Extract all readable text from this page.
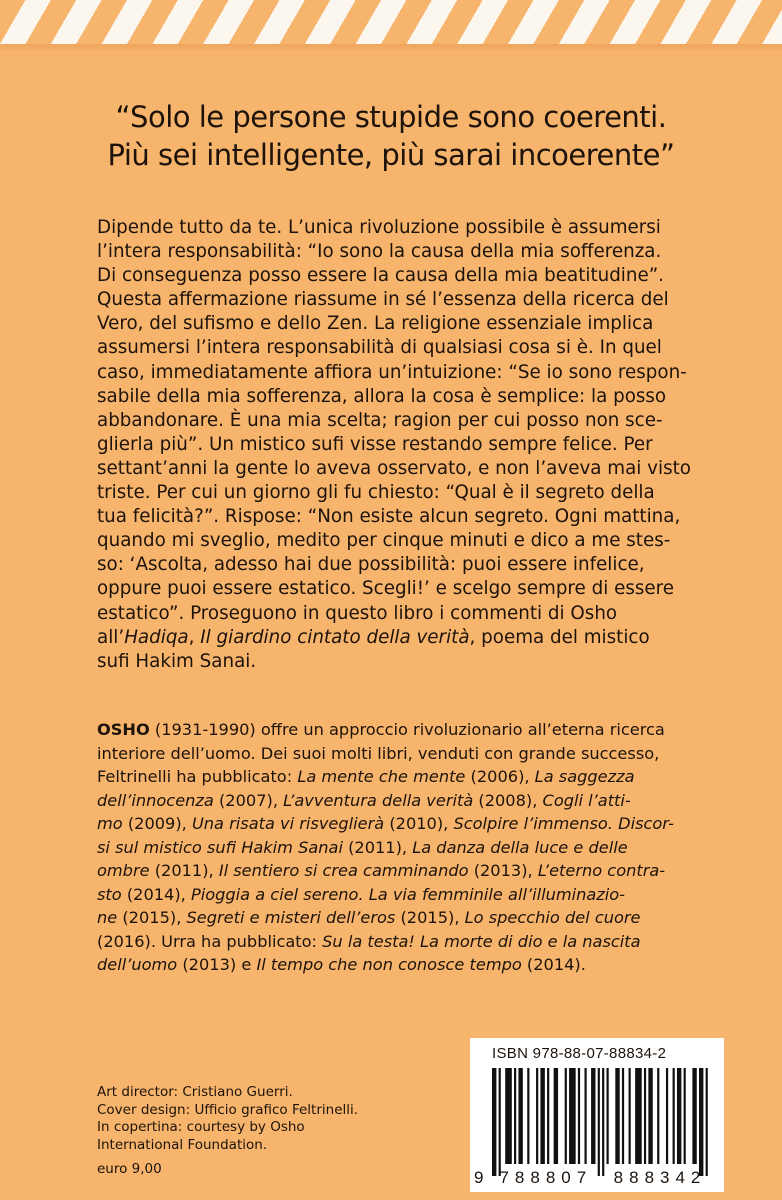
“Solo le persone stupide sono coerenti.
Più sei intelligente, più sarai incoerente”
Dipende tutto da te. L’unica rivoluzione possibile è assumersi
l’intera responsabilità: “Io sono la causa della mia sofferenza.
Di conseguenza posso essere la causa della mia beatitudine”.
Questa affermazione riassume in sé l’essenza della ricerca del
Vero, del sufismo e dello Zen. La religione essenziale implica
assumersi l’intera responsabilità di qualsiasi cosa si è. In quel
caso, immediatamente affiora un’intuizione: “Se io sono respon-
sabile della mia sofferenza, allora la cosa è semplice: la posso
abbandonare. È una mia scelta; ragion per cui posso non sce-
glierla più”. Un mistico sufi visse restando sempre felice. Per
settant’anni la gente lo aveva osservato, e non l’aveva mai visto
triste. Per cui un giorno gli fu chiesto: “Qual è il segreto della
tua felicità?”. Rispose: “Non esiste alcun segreto. Ogni mattina,
quando mi sveglio, medito per cinque minuti e dico a me stes-
so: ‘Ascolta, adesso hai due possibilità: puoi essere infelice,
oppure puoi essere estatico. Scegli!’ e scelgo sempre di essere
estatico”. Proseguono in questo libro i commenti di Osho
all’Hadiqa, Il giardino cintato della verità, poema del mistico
sufi Hakim Sanai.
OSHO (1931-1990) offre un approccio rivoluzionario all’eterna ricerca
interiore dell’uomo. Dei suoi molti libri, venduti con grande successo,
Feltrinelli ha pubblicato: La mente che mente (2006), La saggezza
dell’innocenza (2007), L’avventura della verità (2008), Cogli l’atti-
mo (2009), Una risata vi risveglierà (2010), Scolpire l’immenso. Discor-
si sul mistico sufi Hakim Sanai (2011), La danza della luce e delle
ombre (2011), Il sentiero si crea camminando (2013), L’eterno contra-
sto (2014), Pioggia a ciel sereno. La via femminile all’illuminazio-
ne (2015), Segreti e misteri dell’eros (2015), Lo specchio del cuore
(2016). Urra ha pubblicato: Su la testa! La morte di dio e la nascita
dell’uomo (2013) e Il tempo che non conosce tempo (2014).
Art director: Cristiano Guerri.
Cover design: Ufficio grafico Feltrinelli.
In copertina: courtesy by Osho
International Foundation.
euro 9,00
ISBN 978-88-07-88834-2
9 788807 888342
